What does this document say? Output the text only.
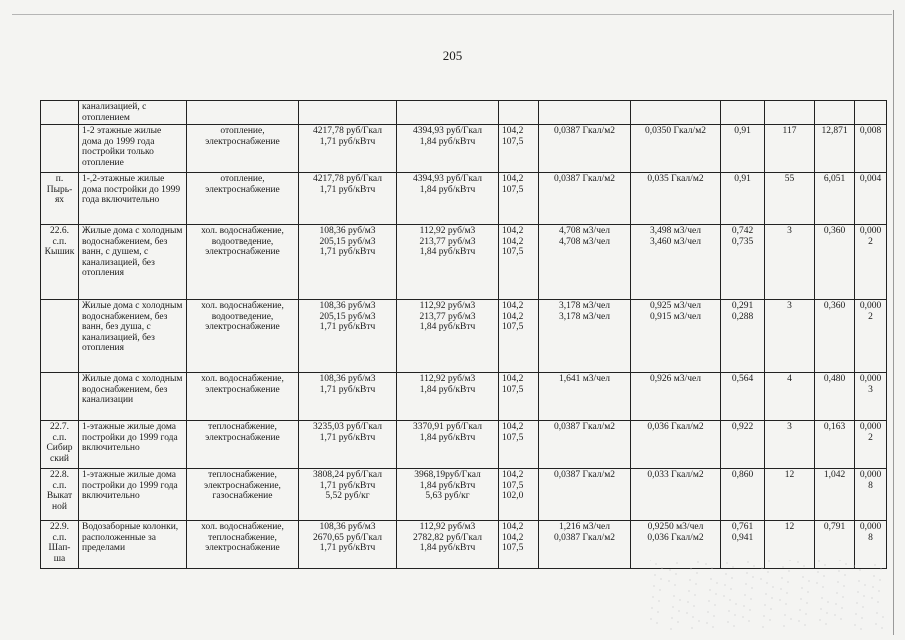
205

	канализацией, с отоплением										

	1-2 этажные жилые дома до 1999 года постройки только отопление	отопление, электроснабжение	4217,78 руб/Гкал
1,71 руб/кВтч	4394,93 руб/Гкал
1,84 руб/кВтч	104,2
107,5	0,0387 Гкал/м2	0,0350 Гкал/м2	0,91	117	12,871	0,008

п. Пырь-ях	1-,2-этажные жилые дома постройки до 1999 года включительно	отопление, электроснабжение	4217,78 руб/Гкал
1,71 руб/кВтч	4394,93 руб/Гкал
1,84 руб/кВтч	104,2
107,5	0,0387 Гкал/м2	0,035 Гкал/м2	0,91	55	6,051	0,004

22.6. с.п. Кышик	Жилые дома с холодным водоснабжением, без ванн, с душем, с канализацией, без отопления	хол. водоснабжение, водоотведение, электроснабжение	108,36 руб/м3
205,15 руб/м3
1,71 руб/кВтч	112,92 руб/м3
213,77 руб/м3
1,84 руб/кВтч	104,2
104,2
107,5	4,708 м3/чел
4,708 м3/чел	3,498 м3/чел
3,460 м3/чел	0,742
0,735	3	0,360	0,000 2

	Жилые дома с холодным водоснабжением, без ванн, без душа, с канализацией, без отопления	хол. водоснабжение, водоотведение, электроснабжение	108,36 руб/м3
205,15 руб/м3
1,71 руб/кВтч	112,92 руб/м3
213,77 руб/м3
1,84 руб/кВтч	104,2
104,2
107,5	3,178 м3/чел
3,178 м3/чел	0,925 м3/чел
0,915 м3/чел	0,291
0,288	3	0,360	0,000 2

	Жилые дома с холодным водоснабжением, без канализации	хол. водоснабжение, электроснабжение	108,36 руб/м3
1,71 руб/кВтч	112,92 руб/м3
1,84 руб/кВтч	104,2
107,5	1,641 м3/чел	0,926 м3/чел	0,564	4	0,480	0,000 3

22.7. с.п. Сибир ский	1-этажные жилые дома постройки до 1999 года включительно	теплоснабжение, электроснабжение	3235,03 руб/Гкал
1,71 руб/кВтч	3370,91 руб/Гкал
1,84 руб/кВтч	104,2
107,5	0,0387 Гкал/м2	0,036 Гкал/м2	0,922	3	0,163	0,000 2

22.8. с.п. Выкат ной	1-этажные жилые дома постройки до 1999 года включительно	теплоснабжение, электроснабжение, газоснабжение	3808,24 руб/Гкал
1,71 руб/кВтч
5,52 руб/кг	3968,19руб/Гкал
1,84 руб/кВтч
5,63 руб/кг	104,2
107,5
102,0	0,0387 Гкал/м2	0,033 Гкал/м2	0,860	12	1,042	0,000 8

22.9. с.п. Шап-ша	Водозаборные колонки, расположенные за пределами	хол. водоснабжение, теплоснабжение, электроснабжение	108,36 руб/м3
2670,65 руб/Гкал
1,71 руб/кВтч	112,92 руб/м3
2782,82 руб/Гкал
1,84 руб/кВтч	104,2
104,2
107,5	1,216 м3/чел
0,0387 Гкал/м2	0,9250 м3/чел
0,036 Гкал/м2	0,761
0,941	12	0,791	0,000 8
